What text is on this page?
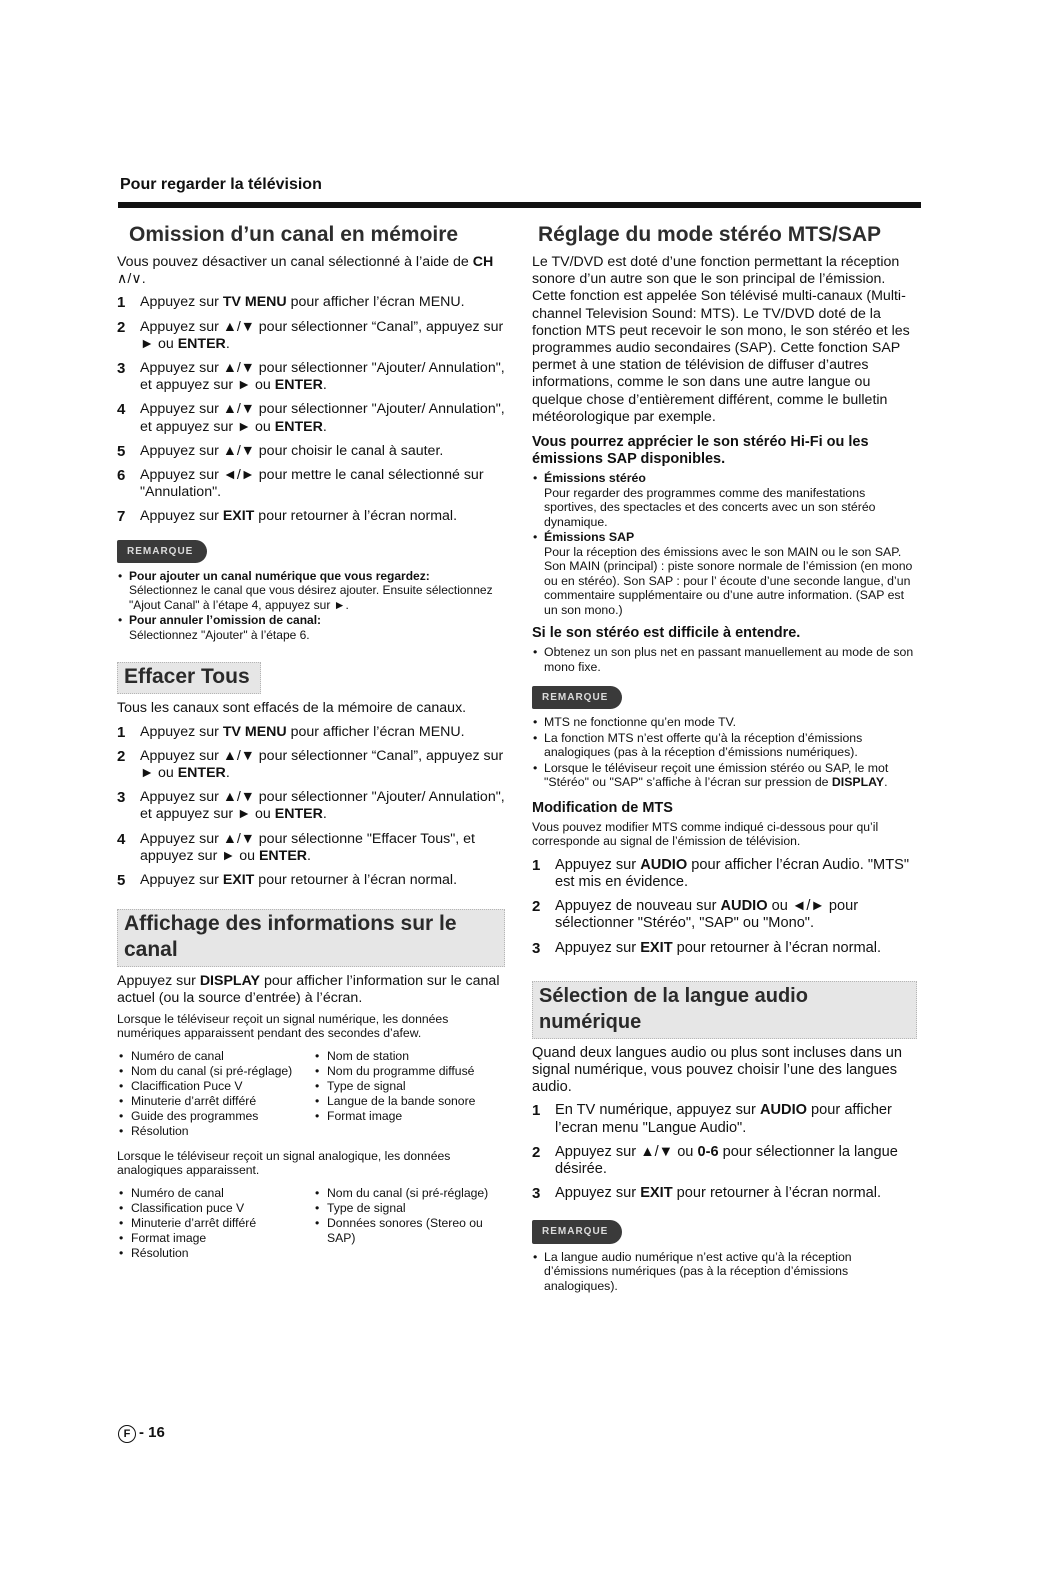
Pour regarder la télévision
Omission d’un canal en mémoire

Vous pouvez désactiver un canal sélectionné à l’aide de CH ∧/∨.

1	Appuyez sur TV MENU pour afficher l’écran MENU.
2	Appuyez sur ▲/▼ pour sélectionner “Canal”, appuyez sur ► ou ENTER.
3	Appuyez sur ▲/▼ pour sélectionner "Ajouter/ Annulation", et appuyez sur ► ou ENTER.
4	Appuyez sur ▲/▼ pour sélectionner "Ajouter/ Annulation", et appuyez sur ► ou ENTER.
5	Appuyez sur ▲/▼ pour choisir le canal à sauter.
6	Appuyez sur ◄/► pour mettre le canal sélectionné sur "Annulation".
7	Appuyez sur EXIT pour retourner à l’écran normal.
REMARQUE
• Pour ajouter un canal numérique que vous regardez:
Sélectionnez le canal que vous désirez ajouter. Ensuite sélectionnez "Ajout Canal" à l’étape 4, appuyez sur ►.
• Pour annuler l’omission de canal:
Sélectionnez "Ajouter" à l’étape 6.
Effacer Tous

Tous les canaux sont effacés de la mémoire de canaux.

1	Appuyez sur TV MENU pour afficher l’écran MENU.
2	Appuyez sur ▲/▼ pour sélectionner “Canal”, appuyez sur ► ou ENTER.
3	Appuyez sur ▲/▼ pour sélectionner "Ajouter/ Annulation", et appuyez sur ► ou ENTER.
4	Appuyez sur ▲/▼ pour sélectionne "Effacer Tous", et appuyez sur ► ou ENTER.
5	Appuyez sur EXIT pour retourner à l’écran normal.
Affichage des informations sur le canal

Appuyez sur DISPLAY pour afficher l’information sur le canal actuel (ou la source d’entrée) à l’écran.

Lorsque le téléviseur reçoit un signal numérique, les données numériques apparaissent pendant des secondes d’afew.

• Numéro de canal
• Nom du canal (si pré-réglage)
• Claciffication Puce V
• Minuterie d’arrêt différé
• Guide des programmes
• Résolution
• Nom de station
• Nom du programme diffusé
• Type de signal
• Langue de la bande sonore
• Format image

Lorsque le téléviseur reçoit un signal analogique, les données analogiques apparaissent.

• Numéro de canal
• Classification puce V
• Minuterie d’arrêt différé
• Format image
• Résolution
• Nom du canal (si pré-réglage)
• Type de signal
• Données sonores (Stereo ou SAP)
Réglage du mode stéréo MTS/SAP

Le TV/DVD est doté d’une fonction permettant la réception sonore d’un autre son que le son principal de l’émission. Cette fonction est appelée Son télévisé multi-canaux (Multi-channel Television Sound: MTS). Le TV/DVD doté de la fonction MTS peut recevoir le son mono, le son stéréo et les programmes audio secondaires (SAP). Cette fonction SAP permet à une station de télévision de diffuser d’autres informations, comme le son dans une autre langue ou quelque chose d’entièrement différent, comme le bulletin météorologique par exemple.

Vous pourrez apprécier le son stéréo Hi-Fi ou les émissions SAP disponibles.
• Émissions stéréo
Pour regarder des programmes comme des manifestations sportives, des spectacles et des concerts avec un son stéréo dynamique.
• Émissions SAP
Pour la réception des émissions avec le son MAIN ou le son SAP. Son MAIN (principal) : piste sonore normale de l’émission (en mono ou en stéréo). Son SAP : pour l’ écoute d’une seconde langue, d’un commentaire supplémentaire ou d’une autre information. (SAP est un son mono.)
Si le son stéréo est difficile à entendre.
• Obtenez un son plus net en passant manuellement au mode de son mono fixe.
REMARQUE
• MTS ne fonctionne qu’en mode TV.
• La fonction MTS n’est offerte qu’à la réception d’émissions analogiques (pas à la réception d’émissions numériques).
• Lorsque le téléviseur reçoit une émission stéréo ou SAP, le mot "Stéréo" ou "SAP" s’affiche à l’écran sur pression de DISPLAY.
Modification de MTS

Vous pouvez modifier MTS comme indiqué ci-dessous pour qu’il corresponde au signal de l’émission de télévision.

1	Appuyez sur AUDIO pour afficher l’écran Audio. "MTS" est mis en évidence.
2	Appuyez de nouveau sur AUDIO ou ◄/► pour sélectionner "Stéréo", "SAP" ou "Mono".
3	Appuyez sur EXIT pour retourner à l’écran normal.
Sélection de la langue audio numérique

Quand deux langues audio ou plus sont incluses dans un signal numérique, vous pouvez choisir l’une des langues audio.

1	En TV numérique, appuyez sur AUDIO pour afficher l’ecran menu "Langue Audio".
2	Appuyez sur ▲/▼ ou 0-6 pour sélectionner la langue désirée.
3	Appuyez sur EXIT pour retourner à l’écran normal.
REMARQUE
• La langue audio numérique n’est active qu’à la réception d’émissions numériques (pas à la réception d’émissions analogiques).
F - 16
